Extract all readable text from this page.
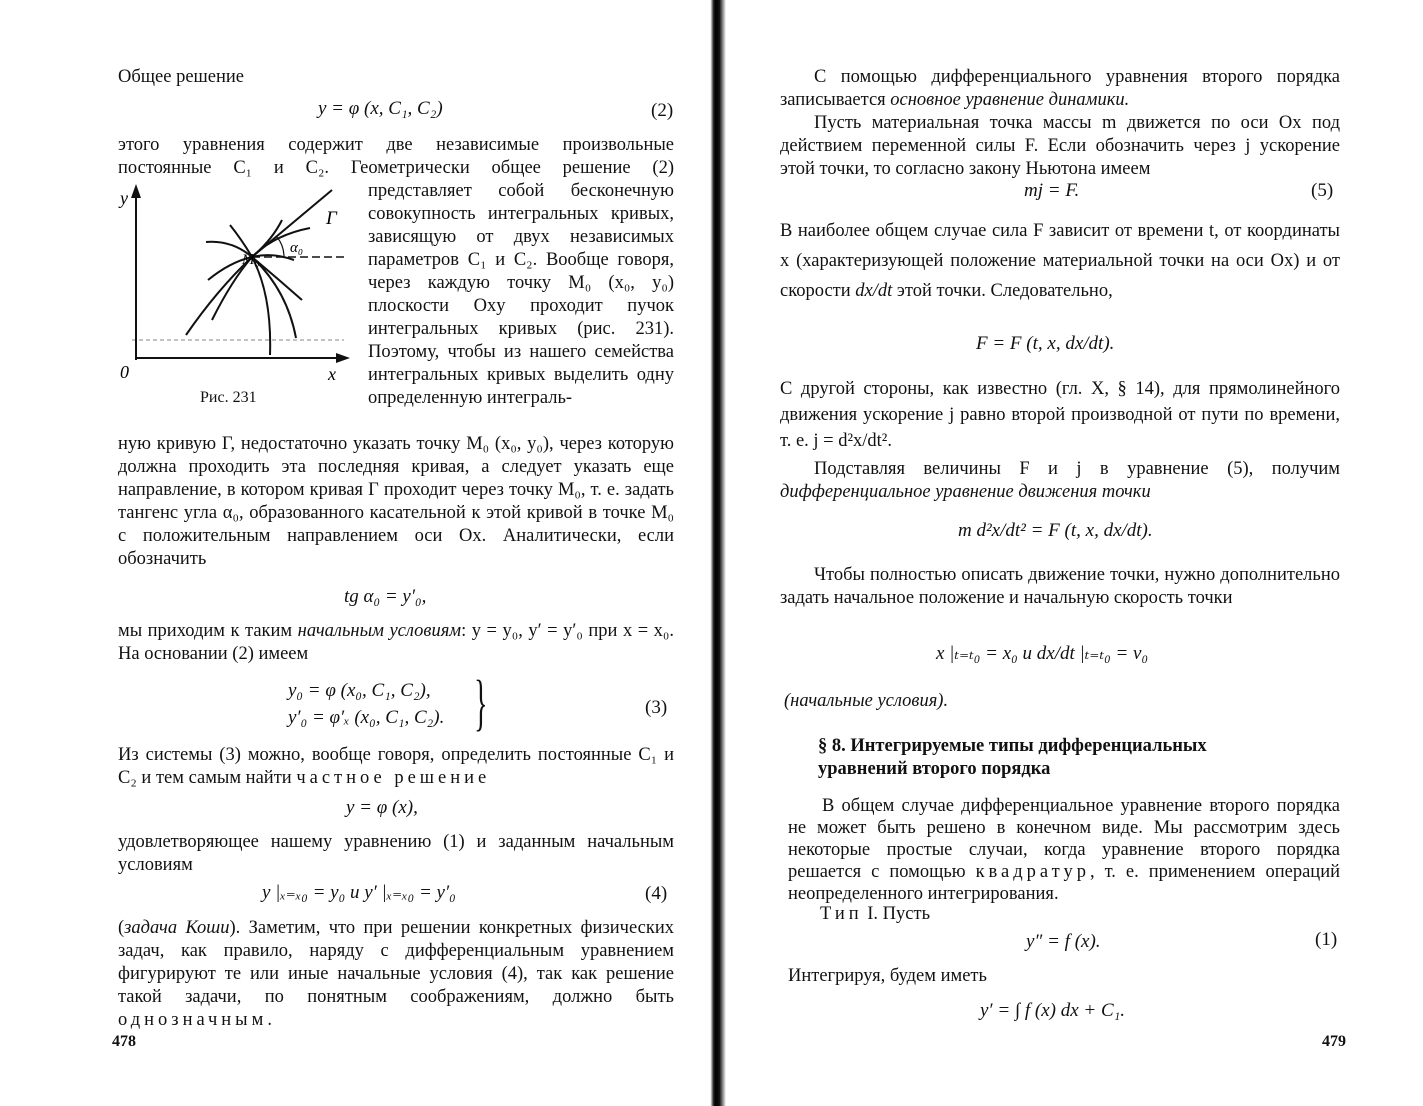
Общее решение

y = φ (x, C₁, C₂)	(2)

этого уравнения содержит две независимые произвольные

постоянные C₁ и C₂. Геометрически общее решение (2)

y
x
0
Г
M₀
α₀

Рис. 231

представляет собой бесконечную совокупность интегральных кривых, зависящую от двух независимых параметров C₁ и C₂. Вообще говоря, через каждую точку M₀ (x₀, y₀) плоскости Oxy проходит пучок интегральных кривых (рис. 231). Поэтому, чтобы из нашего семейства интегральных кривых выделить одну определенную интеграль-

ную кривую Г, недостаточно указать точку M₀ (x₀, y₀), через которую должна проходить эта последняя кривая, а следует указать еще направление, в котором кривая Г проходит через точку M₀, т. е. задать тангенс угла α₀, образованного касательной к этой кривой в точке M₀ с положительным направлением оси Ox. Аналитически, если обозначить

tg α₀ = y′₀,

мы приходим к таким начальным условиям: y = y₀, y′ = y′₀ при x = x₀. На основании (2) имеем

y₀ = φ (x₀, C₁, C₂),

y′₀ = φ′ₓ (x₀, C₁, C₂). }	(3)

Из системы (3) можно, вообще говоря, определить постоянные C₁ и C₂ и тем самым найти частное решение

y = φ (x),

удовлетворяющее нашему уравнению (1) и заданным начальным условиям

y |ₓ₌ₓ₀ = y₀ и y′ |ₓ₌ₓ₀ = y′₀	(4)

(задача Коши). Заметим, что при решении конкретных физических задач, как правило, наряду с дифференциальным уравнением фигурируют те или иные начальные условия (4), так как решение такой задачи, по понятным соображениям, должно быть однозначным.

478

С помощью дифференциального уравнения второго порядка записывается основное уравнение динамики.

Пусть материальная точка массы m движется по оси Ox под действием переменной силы F. Если обозначить через j ускорение этой точки, то согласно закону Ньютона имеем

mj = F.	(5)

В наиболее общем случае сила F зависит от времени t, от координаты x (характеризующей положение материальной точки на оси Ox) и от скорости dx/dt этой точки. Следовательно,

F = F (t, x, dx/dt).

С другой стороны, как известно (гл. X, § 14), для прямолинейного движения ускорение j равно второй производной от пути по времени, т. е. j = d²x/dt².

Подставляя величины F и j в уравнение (5), получим дифференциальное уравнение движения точки

m d²x/dt² = F (t, x, dx/dt).

Чтобы полностью описать движение точки, нужно дополнительно задать начальное положение и начальную скорость точки

x |ₜ₌ₜ₀ = x₀ и dx/dt |ₜ₌ₜ₀ = v₀

(начальные условия).

§ 8. Интегрируемые типы дифференциальных

уравнений второго порядка

В общем случае дифференциальное уравнение второго порядка не может быть решено в конечном виде. Мы рассмотрим здесь некоторые простые случаи, когда уравнение второго порядка решается с помощью квадратур, т. е. применением операций неопределенного интегрирования.

Тип I. Пусть

y″ = f (x).	(1)

Интегрируя, будем иметь

y′ = ∫ f (x) dx + C₁.

479
